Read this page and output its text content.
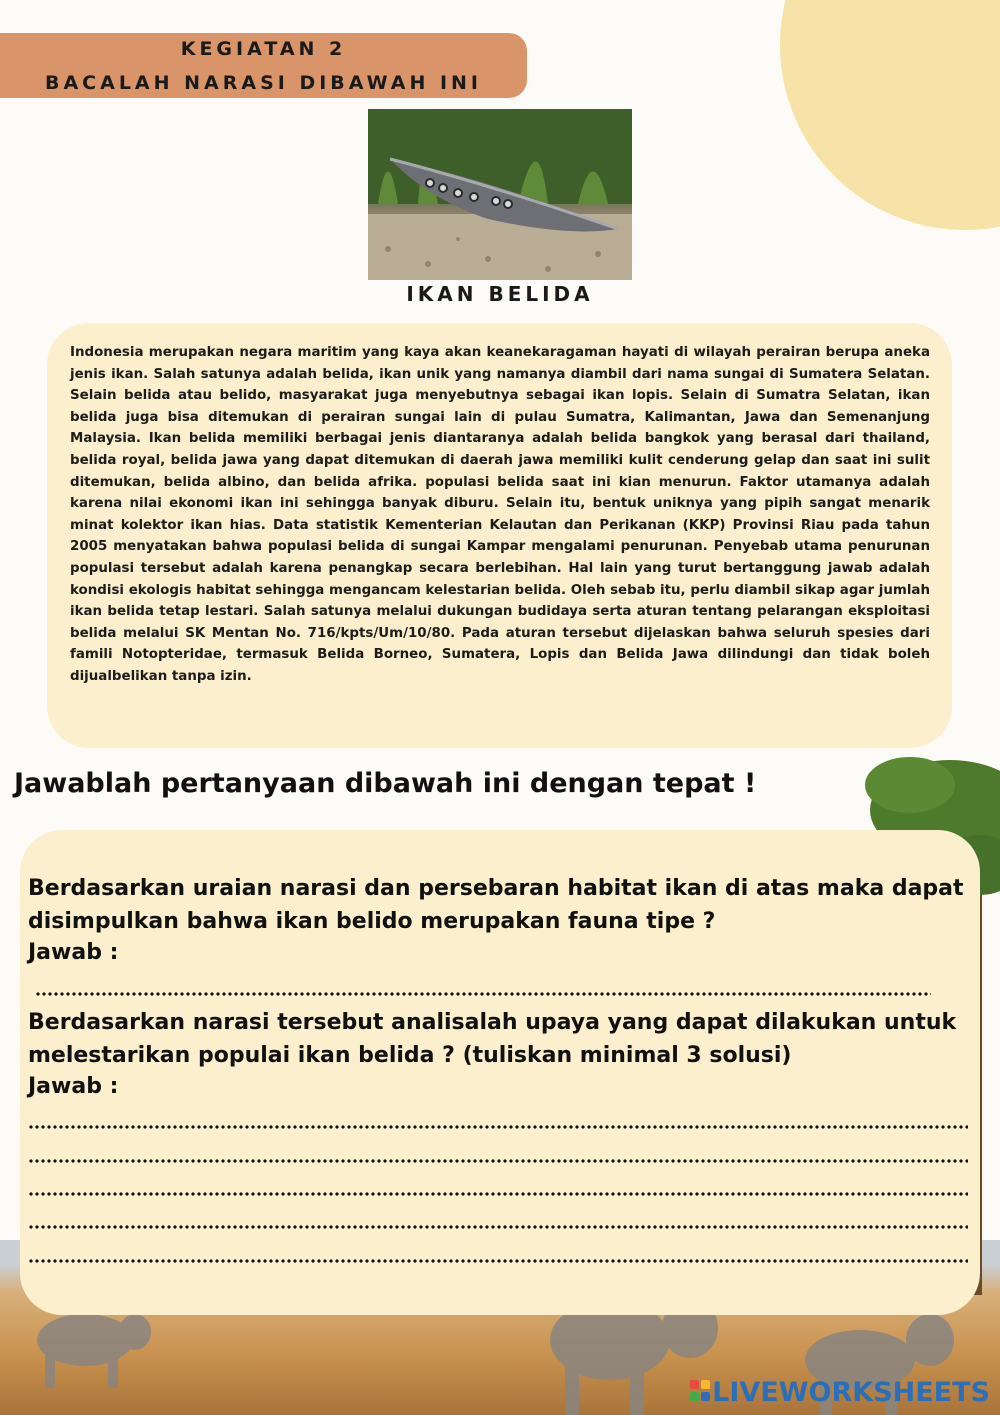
KEGIATAN 2
BACALAH NARASI DIBAWAH INI
IKAN BELIDA
Indonesia merupakan negara maritim yang kaya akan keanekaragaman hayati di wilayah perairan berupa aneka jenis ikan. Salah satunya adalah belida, ikan unik yang namanya diambil dari nama sungai di Sumatera Selatan. Selain belida atau belido, masyarakat juga menyebutnya sebagai ikan lopis. Selain di Sumatra Selatan, ikan belida juga bisa ditemukan di perairan sungai lain di pulau Sumatra, Kalimantan, Jawa dan Semenanjung Malaysia. Ikan belida memiliki berbagai jenis diantaranya adalah belida bangkok yang berasal dari thailand, belida royal, belida jawa yang dapat ditemukan di daerah jawa memiliki kulit cenderung gelap dan saat ini sulit ditemukan, belida albino, dan belida afrika. populasi belida saat ini kian menurun. Faktor utamanya adalah karena nilai ekonomi ikan ini sehingga banyak diburu. Selain itu, bentuk uniknya yang pipih sangat menarik minat kolektor ikan hias. Data statistik Kementerian Kelautan dan Perikanan (KKP) Provinsi Riau pada tahun 2005 menyatakan bahwa populasi belida di sungai Kampar mengalami penurunan. Penyebab utama penurunan populasi tersebut adalah karena penangkap secara berlebihan. Hal lain yang turut bertanggung jawab adalah kondisi ekologis habitat sehingga mengancam kelestarian belida. Oleh sebab itu, perlu diambil sikap agar jumlah ikan belida tetap lestari. Salah satunya melalui dukungan budidaya serta aturan tentang pelarangan eksploitasi belida melalui SK Mentan No. 716/kpts/Um/10/80. Pada aturan tersebut dijelaskan bahwa seluruh spesies dari famili Notopteridae, termasuk Belida Borneo, Sumatera, Lopis dan Belida Jawa dilindungi dan tidak boleh dijualbelikan tanpa izin.
Jawablah pertanyaan dibawah ini dengan tepat !
Berdasarkan uraian narasi dan persebaran habitat ikan di atas maka dapat
disimpulkan bahwa ikan belido merupakan fauna tipe ?
Jawab :
Berdasarkan narasi tersebut analisalah upaya yang dapat dilakukan untuk
melestarikan populai ikan belida ? (tuliskan minimal 3 solusi)
Jawab :
LIVEWORKSHEETS
